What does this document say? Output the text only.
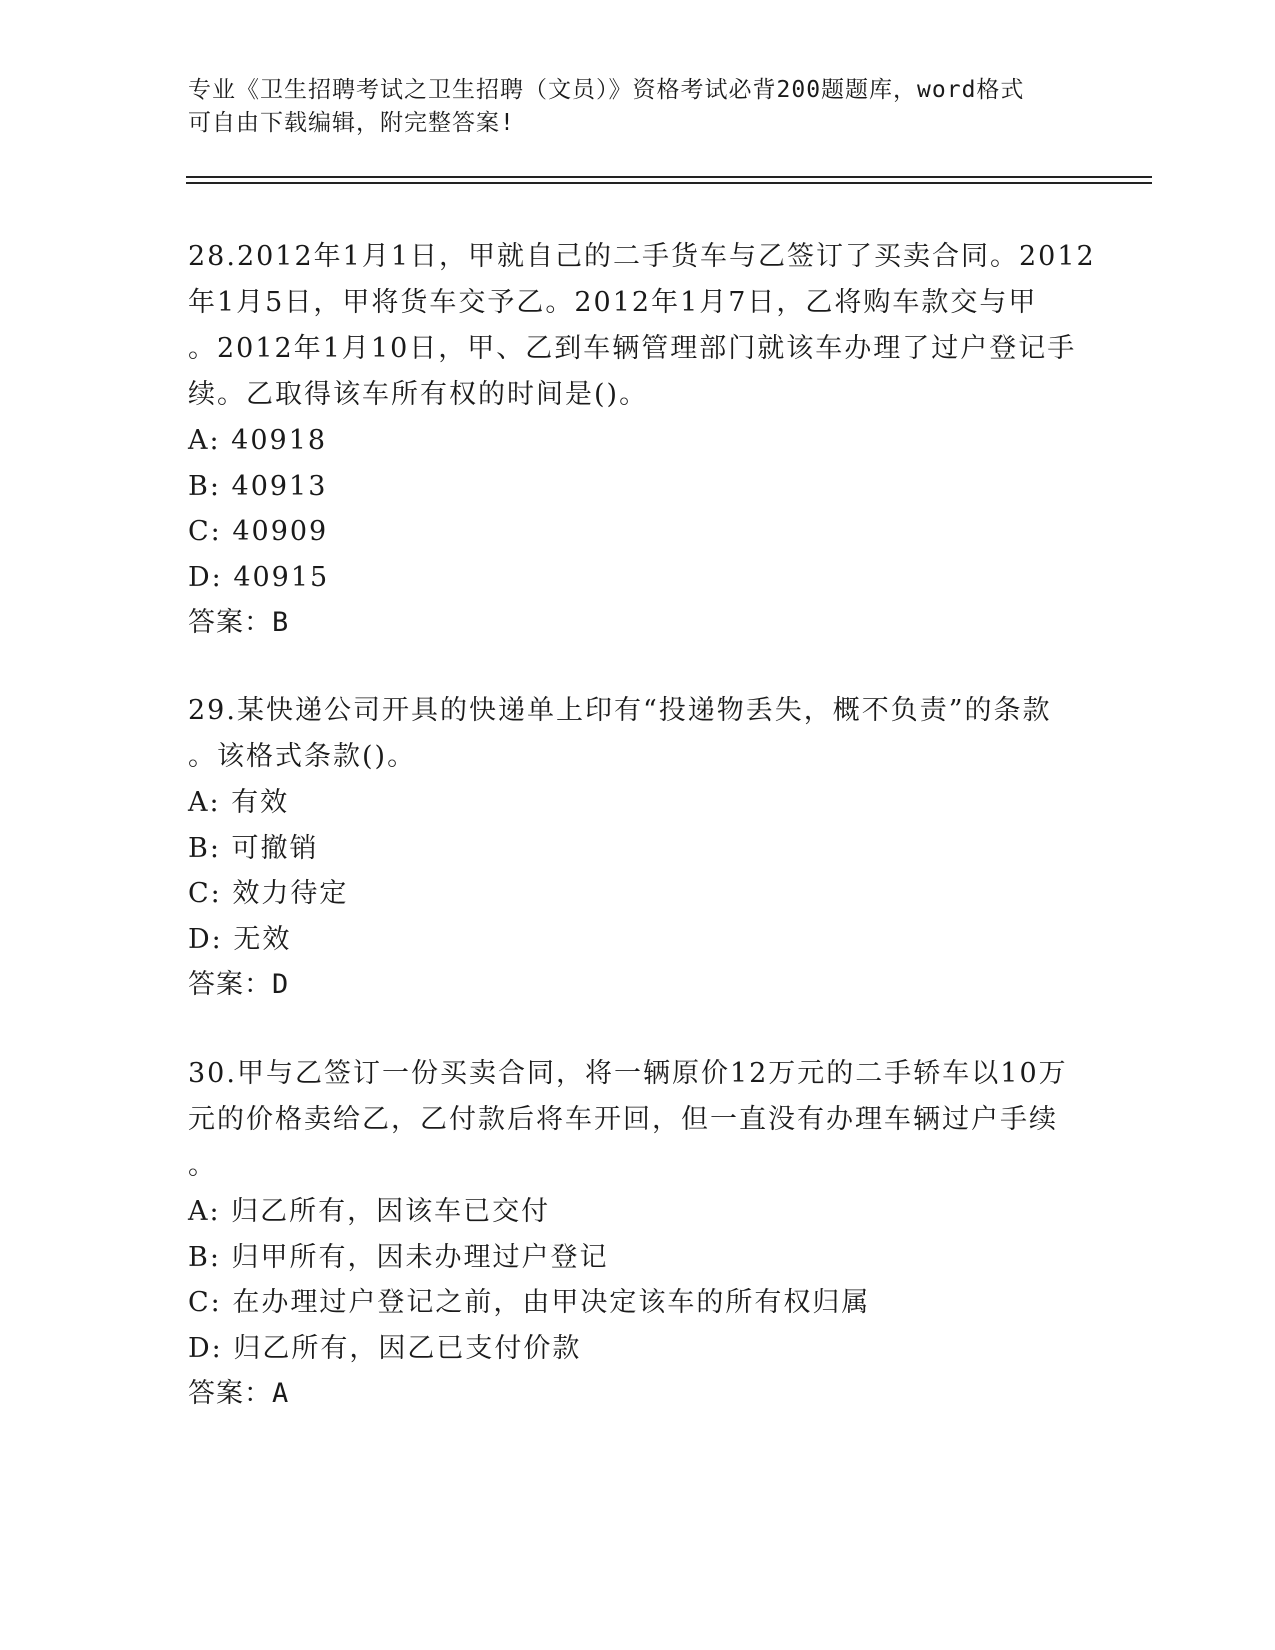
专业《卫生招聘考试之卫生招聘（文员）》资格考试必背200题题库，word格式
可自由下载编辑，附完整答案!
28.2012年1月1日，甲就自己的二手货车与乙签订了买卖合同。2012
年1月5日，甲将货车交予乙。2012年1月7日，乙将购车款交与甲
。2012年1月10日，甲、乙到车辆管理部门就该车办理了过户登记手
续。乙取得该车所有权的时间是()。
A: 40918
B: 40913
C: 40909
D: 40915
答案：B
29.某快递公司开具的快递单上印有“投递物丢失，概不负责”的条款
。该格式条款()。
A: 有效
B: 可撤销
C: 效力待定
D: 无效
答案：D
30.甲与乙签订一份买卖合同，将一辆原价12万元的二手轿车以10万
元的价格卖给乙，乙付款后将车开回，但一直没有办理车辆过户手续
。
A: 归乙所有，因该车已交付
B: 归甲所有，因未办理过户登记
C: 在办理过户登记之前，由甲决定该车的所有权归属
D: 归乙所有，因乙已支付价款
答案：A
